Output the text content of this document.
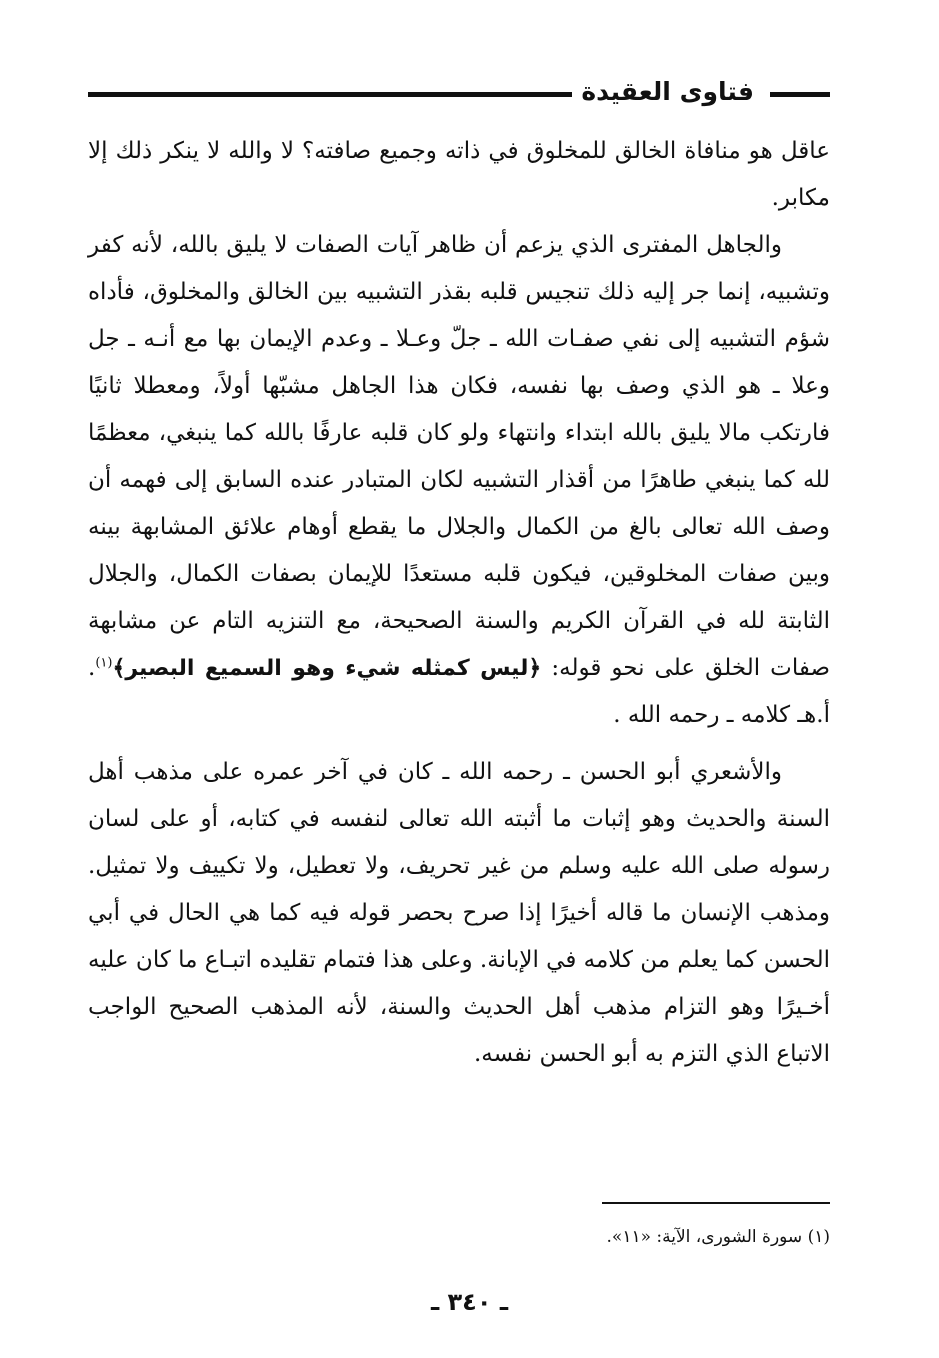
فتاوى العقيدة

عاقل هو منافاة الخالق للمخلوق في ذاته وجميع صافته؟ لا والله لا ينكر ذلك إلا مكابر.

والجاهل المفترى الذي يزعم أن ظاهر آيات الصفات لا يليق بالله، لأنه كفر وتشبيه، إنما جر إليه ذلك تنجيس قلبه بقذر التشبيه بين الخالق والمخلوق، فأداه شؤم التشبيه إلى نفي صفـات الله ـ جلّ وعـلا ـ وعدم الإيمان بها مع أنـه ـ جل وعلا ـ هو الذي وصف بها نفسه، فكان هذا الجاهل مشبّها أولاً، ومعطلا ثانيًا فارتكب مالا يليق بالله ابتداء وانتهاء ولو كان قلبه عارفًا بالله كما ينبغي، معظمًا لله كما ينبغي طاهرًا من أقذار التشبيه لكان المتبادر عنده السابق إلى فهمه أن وصف الله تعالى بالغ من الكمال والجلال ما يقطع أوهام علائق المشابهة بينه وبين صفات المخلوقين، فيكون قلبه مستعدًا للإيمان بصفات الكمال، والجلال الثابتة لله في القرآن الكريم والسنة الصحيحة، مع التنزيه التام عن مشابهة صفات الخلق على نحو قوله: ﴿ليس كمثله شيء وهو السميع البصير﴾$^{(١)}$. أ.هـ كلامه ـ رحمه الله .

والأشعري أبو الحسن ـ رحمه الله ـ كان في آخر عمره على مذهب أهل السنة والحديث وهو إثبات ما أثبته الله تعالى لنفسه في كتابه، أو على لسان رسوله صلى الله عليه وسلم من غير تحريف، ولا تعطيل، ولا تكييف ولا تمثيل. ومذهب الإنسان ما قاله أخيرًا إذا صرح بحصر قوله فيه كما هي الحال في أبي الحسن كما يعلم من كلامه في الإبانة. وعلى هذا فتمام تقليده اتبـاع ما كان عليه أخـيرًا وهو التزام مذهب أهل الحديث والسنة، لأنه المذهب الصحيح الواجب الاتباع الذي التزم به أبو الحسن نفسه.

(١) سورة الشورى، الآية: «١١».
ـ ٣٤٠ ـ
